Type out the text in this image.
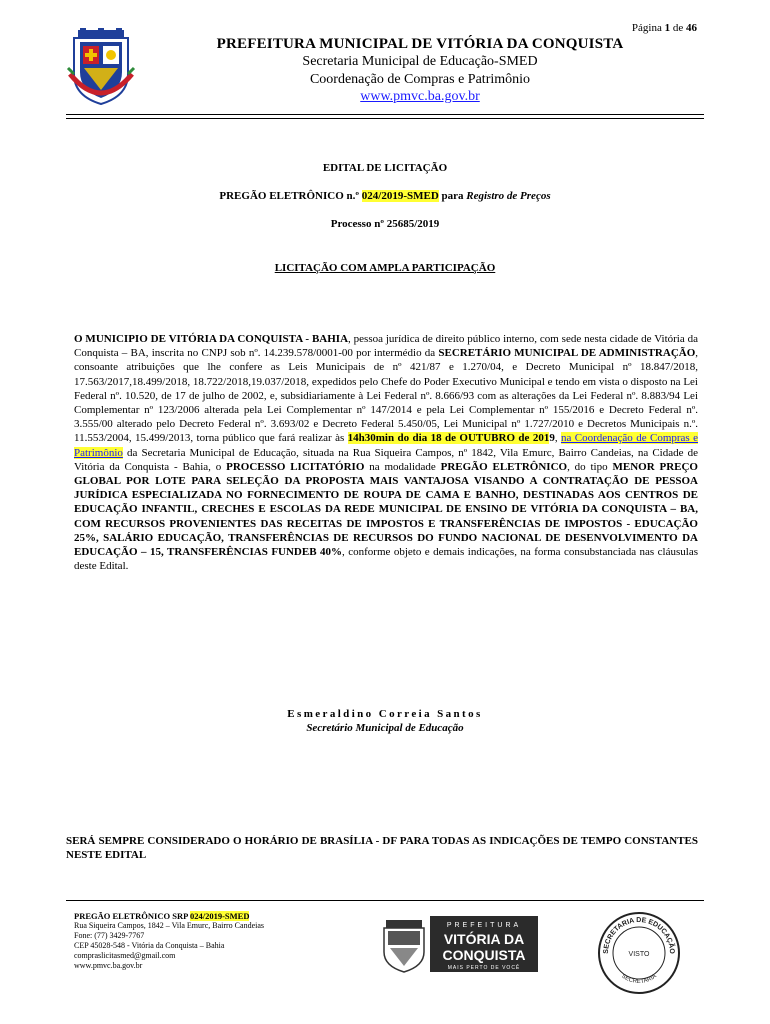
Página 1 de 46
PREFEITURA MUNICIPAL DE VITÓRIA DA CONQUISTA
Secretaria Municipal de Educação-SMED
Coordenação de Compras e Patrimônio
www.pmvc.ba.gov.br
EDITAL DE LICITAÇÃO
PREGÃO ELETRÔNICO n.º 024/2019-SMED para Registro de Preços
Processo nº 25685/2019
LICITAÇÃO COM AMPLA PARTICIPAÇÃO
O MUNICIPIO DE VITÓRIA DA CONQUISTA - BAHIA, pessoa jurídica de direito público interno, com sede nesta cidade de Vitória da Conquista – BA, inscrita no CNPJ sob nº. 14.239.578/0001-00 por intermédio da SECRETÁRIO MUNICIPAL DE ADMINISTRAÇÃO, consoante atribuições que lhe confere as Leis Municipais de nº 421/87 e 1.270/04, e Decreto Municipal nº 18.847/2018, 17.563/2017,18.499/2018, 18.722/2018,19.037/2018, expedidos pelo Chefe do Poder Executivo Municipal e tendo em vista o disposto na Lei Federal nº. 10.520, de 17 de julho de 2002, e, subsidiariamente à Lei Federal nº. 8.666/93 com as alterações da Lei Federal nº. 8.883/94 Lei Complementar nº 123/2006 alterada pela Lei Complementar nº 147/2014 e pela Lei Complementar nº 155/2016 e Decreto Federal nº. 3.555/00 alterado pelo Decreto Federal nº. 3.693/02 e Decreto Federal 5.450/05, Lei Municipal nº 1.727/2010 e Decretos Municipais n.º. 11.553/2004, 15.499/2013, torna público que fará realizar às 14h30min do dia 18 de OUTUBRO de 2019, na Coordenação de Compras e Patrimônio da Secretaria Municipal de Educação, situada na Rua Siqueira Campos, nº 1842, Vila Emurc, Bairro Candeias, na Cidade de Vitória da Conquista - Bahia, o PROCESSO LICITATÓRIO na modalidade PREGÃO ELETRÔNICO, do tipo MENOR PREÇO GLOBAL POR LOTE PARA SELEÇÃO DA PROPOSTA MAIS VANTAJOSA VISANDO A CONTRATAÇÃO DE PESSOA JURÍDICA ESPECIALIZADA NO FORNECIMENTO DE ROUPA DE CAMA E BANHO, DESTINADAS AOS CENTROS DE EDUCAÇÃO INFANTIL, CRECHES E ESCOLAS DA REDE MUNICIPAL DE ENSINO DE VITÓRIA DA CONQUISTA – BA, COM RECURSOS PROVENIENTES DAS RECEITAS DE IMPOSTOS E TRANSFERÊNCIAS DE IMPOSTOS - EDUCAÇÃO 25%, SALÁRIO EDUCAÇÃO, TRANSFERÊNCIAS DE RECURSOS DO FUNDO NACIONAL DE DESENVOLVIMENTO DA EDUCAÇÃO – 15, TRANSFERÊNCIAS FUNDEB 40%, conforme objeto e demais indicações, na forma consubstanciada nas cláusulas deste Edital.
Esmeraldino Correia Santos
Secretário Municipal de Educação
SERÁ SEMPRE CONSIDERADO O HORÁRIO DE BRASÍLIA - DF PARA TODAS AS INDICAÇÕES DE TEMPO CONSTANTES NESTE EDITAL
PREGÃO ELETRÔNICO SRP 024/2019-SMED
Rua Siqueira Campos, 1842 – Vila Emurc, Bairro Candeias
Fone: (77) 3429-7767
CEP 45028-548 - Vitória da Conquista – Bahia
compraslicitasmed@gmail.com
www.pmvc.ba.gov.br
PREFEITURA
VITÓRIA DA
CONQUISTA
MAIS PERTO DE VOCÊ
SECRETARIA DE EDUCAÇÃO
VISTO
SECRETARIA
